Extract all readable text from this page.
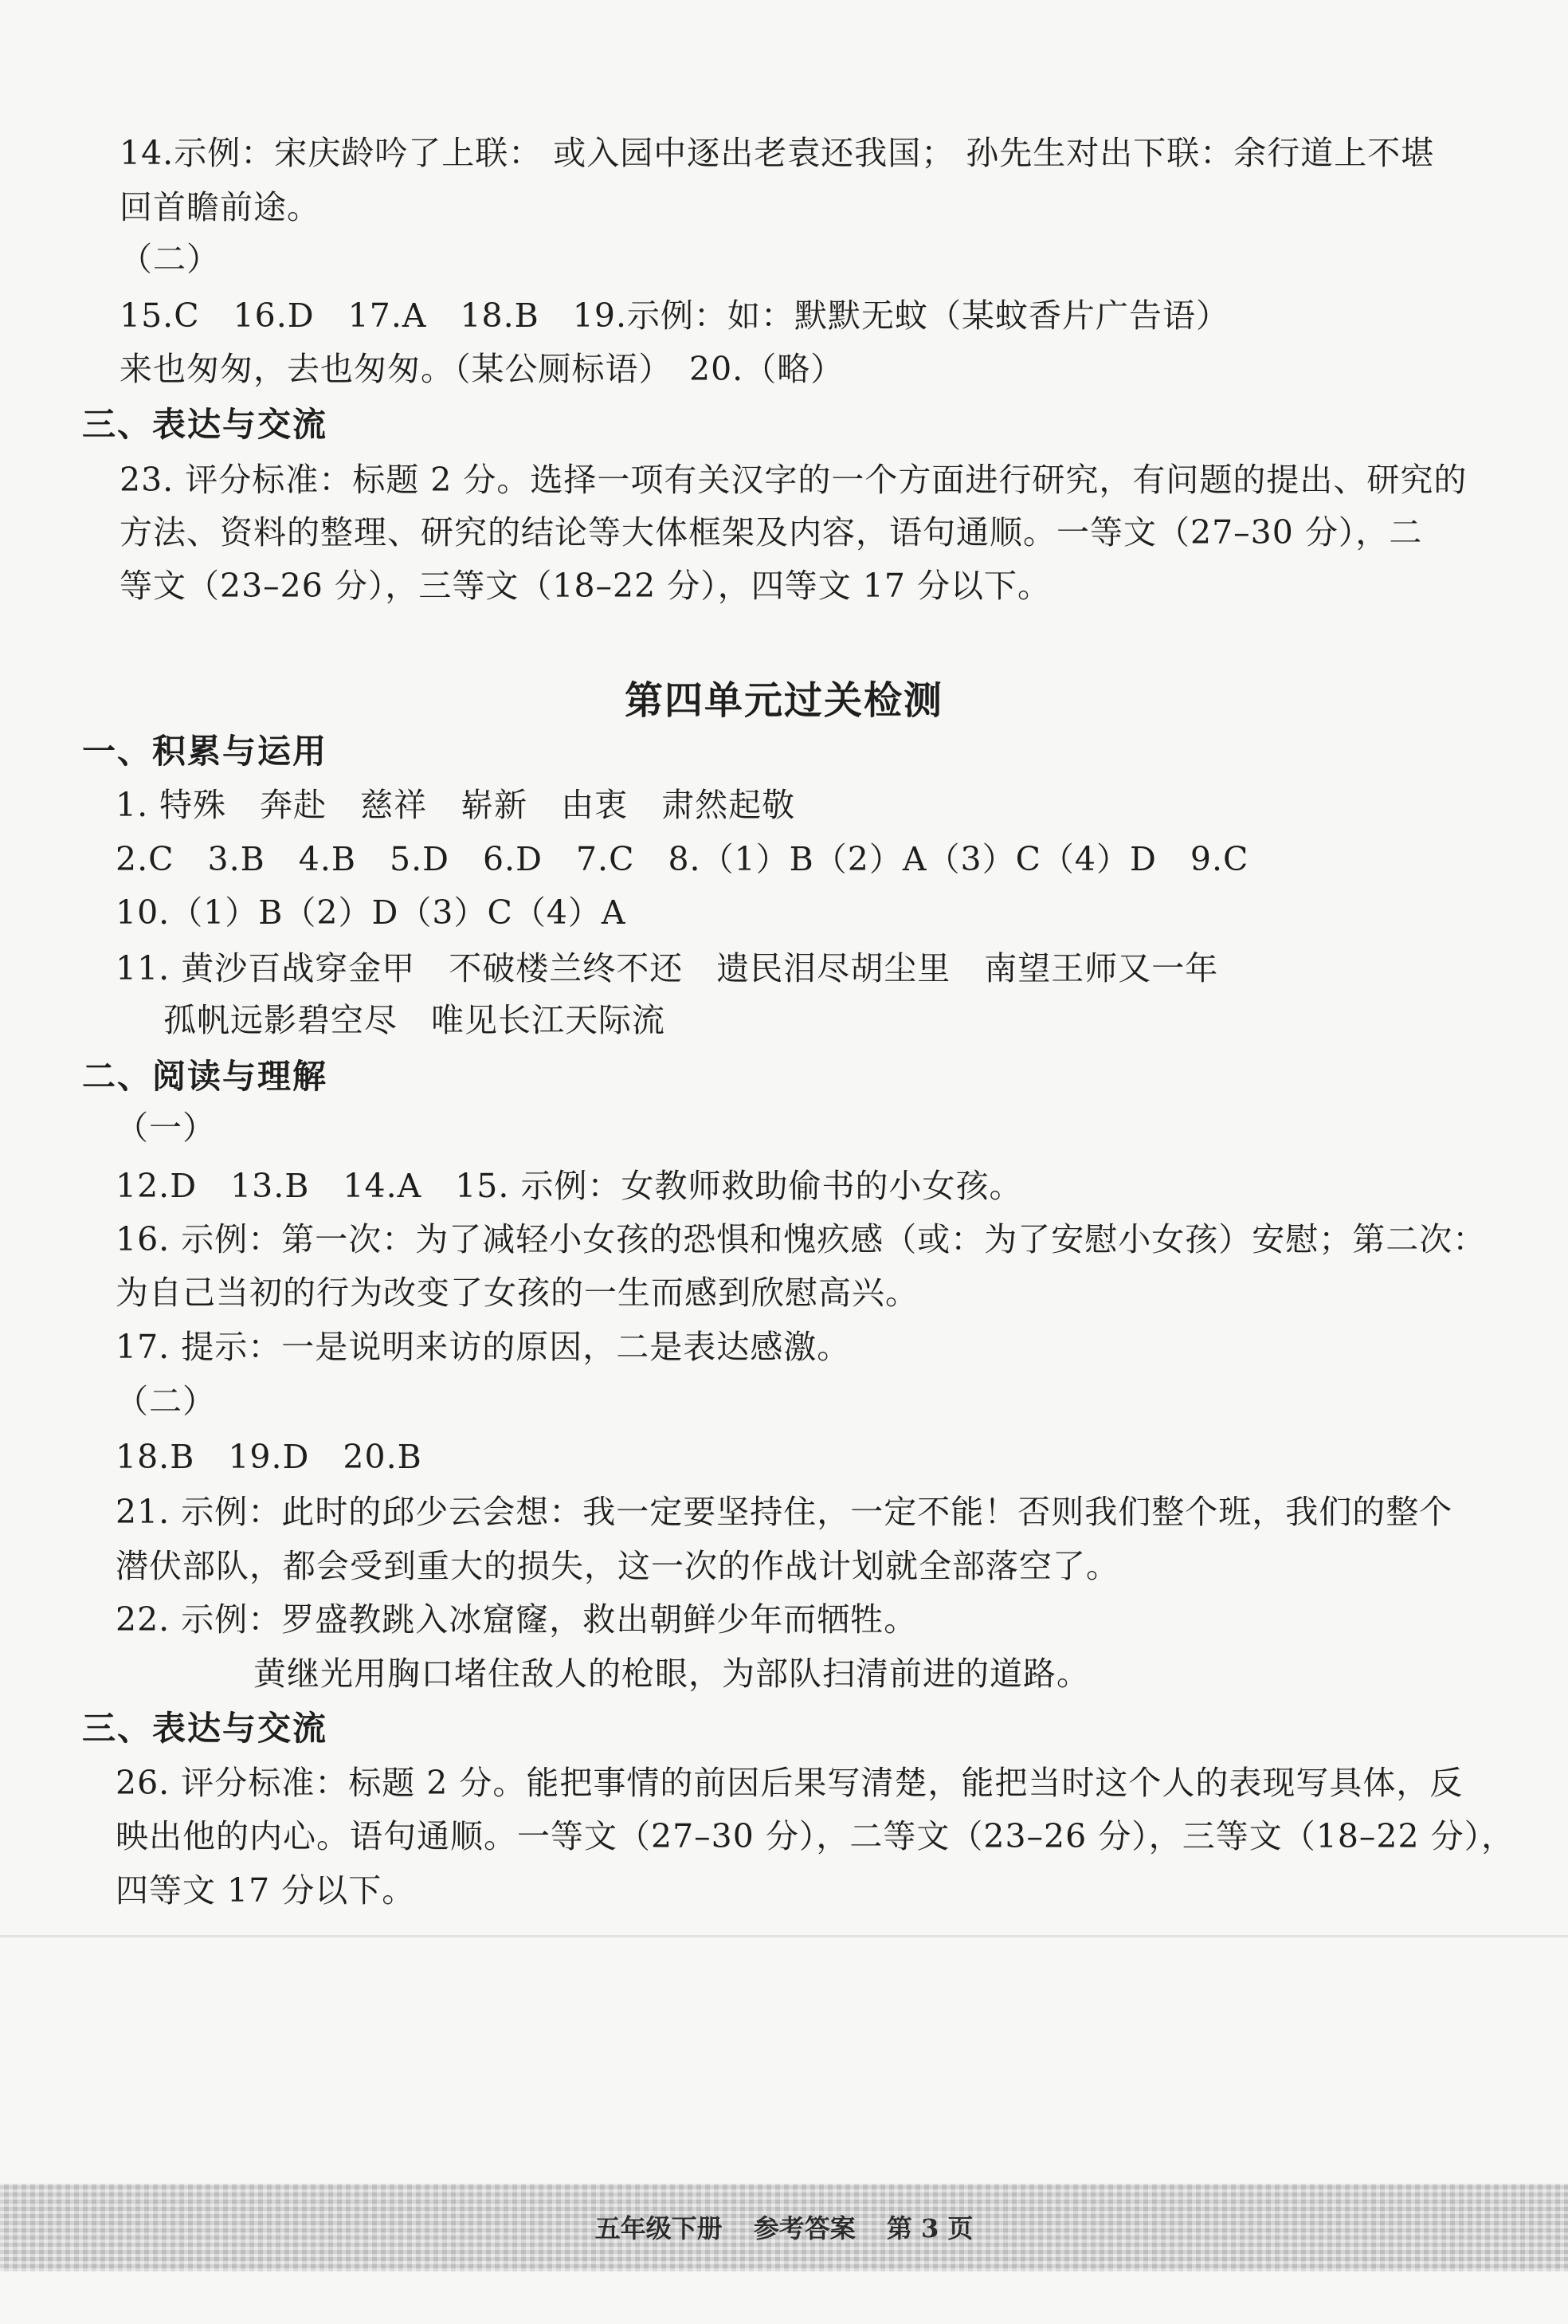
14.示例：宋庆龄吟了上联： 或入园中逐出老袁还我国； 孙先生对出下联：余行道上不堪
回首瞻前途。
（二）
15.C　16.D　17.A　18.B　19.示例：如：默默无蚊（某蚊香片广告语）
来也匆匆，去也匆匆。（某公厕标语）　20.（略）
三、表达与交流
23. 评分标准：标题 2 分。选择一项有关汉字的一个方面进行研究，有问题的提出、研究的
方法、资料的整理、研究的结论等大体框架及内容，语句通顺。一等文（27–30 分），二
等文（23–26 分），三等文（18–22 分），四等文 17 分以下。
第四单元过关检测
一、积累与运用
1. 特殊　奔赴　慈祥　崭新　由衷　肃然起敬
2.C　3.B　4.B　5.D　6.D　7.C　8.（1）B（2）A（3）C（4）D　9.C
10.（1）B（2）D（3）C（4）A
11. 黄沙百战穿金甲　不破楼兰终不还　遗民泪尽胡尘里　南望王师又一年
孤帆远影碧空尽　唯见长江天际流
二、阅读与理解
（一）
12.D　13.B　14.A　15. 示例：女教师救助偷书的小女孩。
16. 示例：第一次：为了减轻小女孩的恐惧和愧疚感（或：为了安慰小女孩）安慰；第二次：
为自己当初的行为改变了女孩的一生而感到欣慰高兴。
17. 提示：一是说明来访的原因，二是表达感激。
（二）
18.B　19.D　20.B
21. 示例：此时的邱少云会想：我一定要坚持住，一定不能！否则我们整个班，我们的整个
潜伏部队，都会受到重大的损失，这一次的作战计划就全部落空了。
22. 示例：罗盛教跳入冰窟窿，救出朝鲜少年而牺牲。
黄继光用胸口堵住敌人的枪眼，为部队扫清前进的道路。
三、表达与交流
26. 评分标准：标题 2 分。能把事情的前因后果写清楚，能把当时这个人的表现写具体，反
映出他的内心。语句通顺。一等文（27–30 分），二等文（23–26 分），三等文（18–22 分），
四等文 17 分以下。
五年级下册 参考答案 第 3 页
